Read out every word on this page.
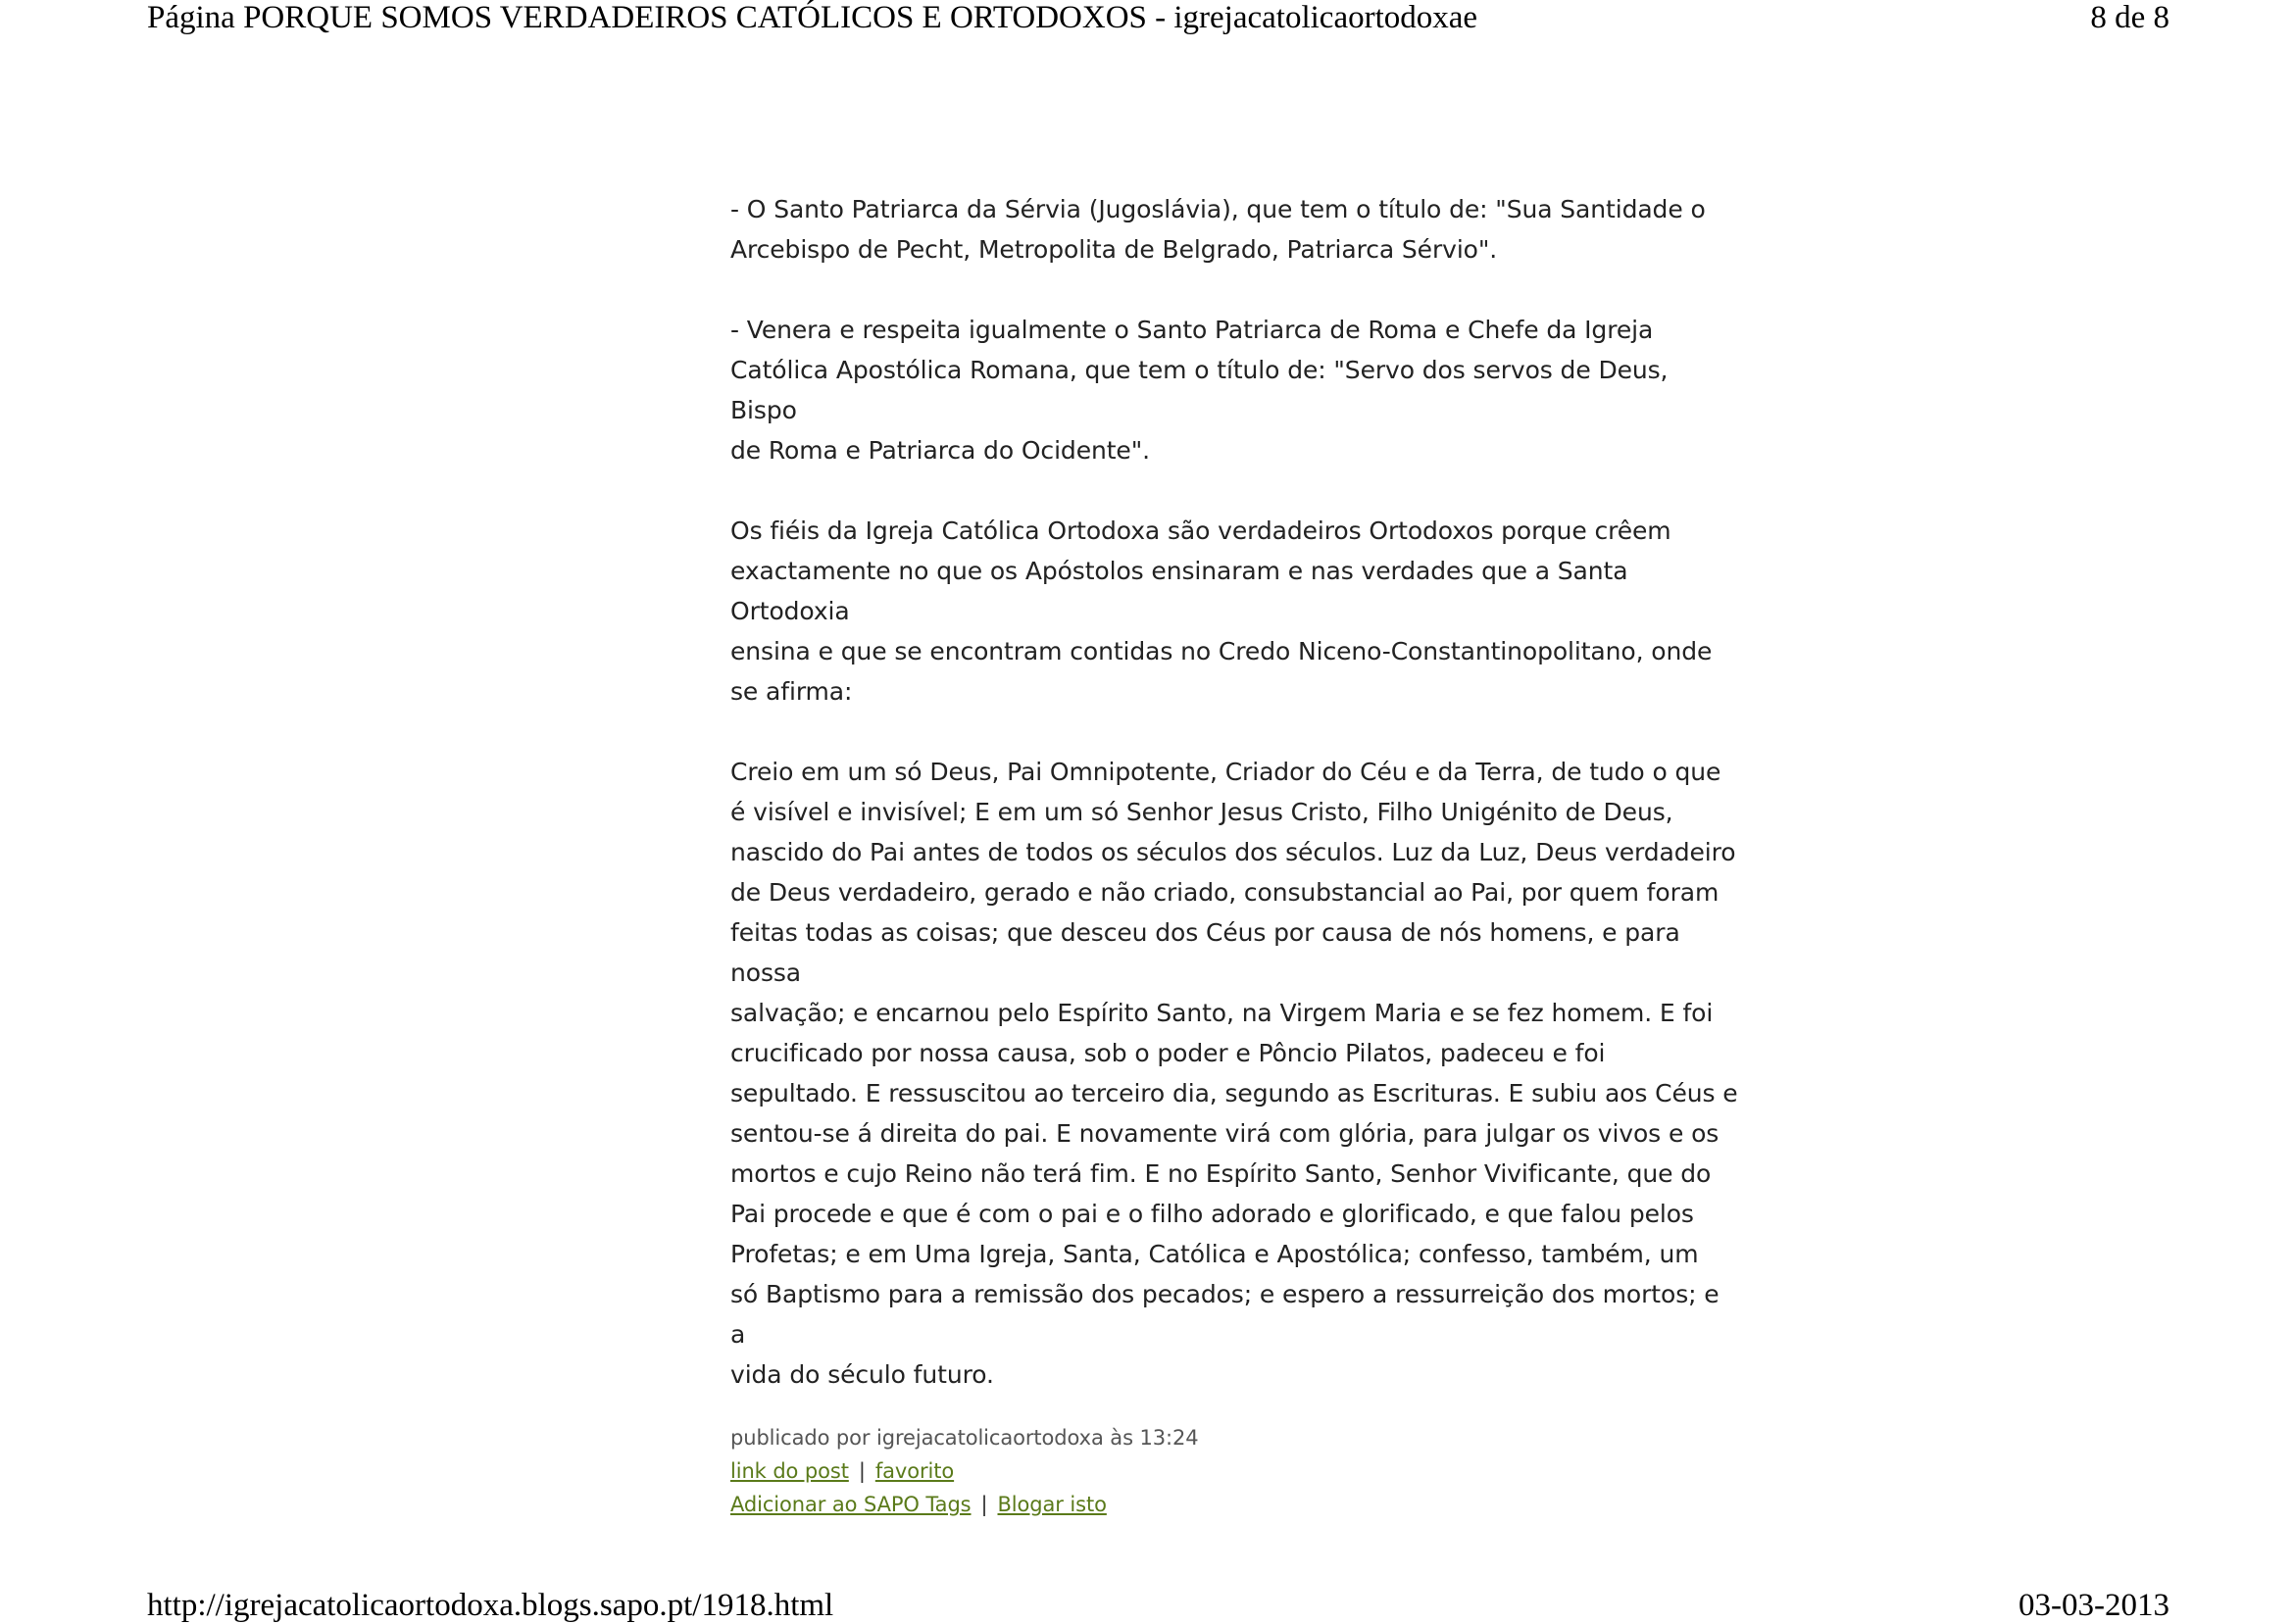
Página PORQUE SOMOS VERDADEIROS CATÓLICOS E ORTODOXOS - igrejacatolicaortodoxae	8 de 8

- O Santo Patriarca da Sérvia (Jugoslávia), que tem o título de: "Sua Santidade o
Arcebispo de Pecht, Metropolita de Belgrado, Patriarca Sérvio".

- Venera e respeita igualmente o Santo Patriarca de Roma e Chefe da Igreja
Católica Apostólica Romana, que tem o título de: "Servo dos servos de Deus, Bispo
de Roma e Patriarca do Ocidente".

Os fiéis da Igreja Católica Ortodoxa são verdadeiros Ortodoxos porque crêem
exactamente no que os Apóstolos ensinaram e nas verdades que a Santa Ortodoxia
ensina e que se encontram contidas no Credo Niceno-Constantinopolitano, onde
se afirma:

Creio em um só Deus, Pai Omnipotente, Criador do Céu e da Terra, de tudo o que
é visível e invisível; E em um só Senhor Jesus Cristo, Filho Unigénito de Deus,
nascido do Pai antes de todos os séculos dos séculos. Luz da Luz, Deus verdadeiro
de Deus verdadeiro, gerado e não criado, consubstancial ao Pai, por quem foram
feitas todas as coisas; que desceu dos Céus por causa de nós homens, e para nossa
salvação; e encarnou pelo Espírito Santo, na Virgem Maria e se fez homem. E foi
crucificado por nossa causa, sob o poder e Pôncio Pilatos, padeceu e foi
sepultado. E ressuscitou ao terceiro dia, segundo as Escrituras. E subiu aos Céus e
sentou-se á direita do pai. E novamente virá com glória, para julgar os vivos e os
mortos e cujo Reino não terá fim. E no Espírito Santo, Senhor Vivificante, que do
Pai procede e que é com o pai e o filho adorado e glorificado, e que falou pelos
Profetas; e em Uma Igreja, Santa, Católica e Apostólica; confesso, também, um
só Baptismo para a remissão dos pecados; e espero a ressurreição dos mortos; e a
vida do século futuro.

publicado por igrejacatolicaortodoxa às 13:24
link do post | favorito
Adicionar ao SAPO Tags | Blogar isto
http://igrejacatolicaortodoxa.blogs.sapo.pt/1918.html	03-03-2013
